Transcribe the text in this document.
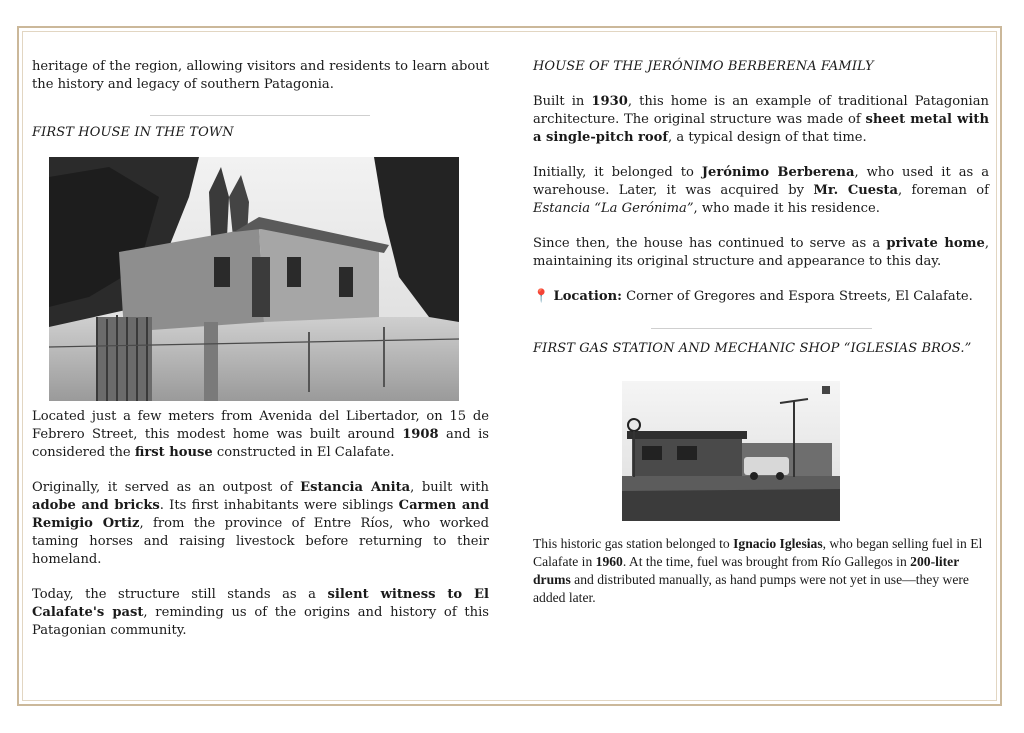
heritage of the region, allowing visitors and residents to learn about the history and legacy of southern Patagonia.

FIRST HOUSE IN THE TOWN

Located just a few meters from Avenida del Libertador, on 15 de Febrero Street, this modest home was built around 1908 and is considered the first house constructed in El Calafate.

Originally, it served as an outpost of Estancia Anita, built with adobe and bricks. Its first inhabitants were siblings Carmen and Remigio Ortiz, from the province of Entre Ríos, who worked taming horses and raising livestock before returning to their homeland.

Today, the structure still stands as a silent witness to El Calafate's past, reminding us of the origins and history of this Patagonian community.

HOUSE OF THE JERÓNIMO BERBERENA FAMILY

Built in 1930, this home is an example of traditional Patagonian architecture. The original structure was made of sheet metal with a single-pitch roof, a typical design of that time.

Initially, it belonged to Jerónimo Berberena, who used it as a warehouse. Later, it was acquired by Mr. Cuesta, foreman of Estancia “La Gerónima”, who made it his residence.

Since then, the house has continued to serve as a private home, maintaining its original structure and appearance to this day.

📍 Location: Corner of Gregores and Espora Streets, El Calafate.

FIRST GAS STATION AND MECHANIC SHOP “IGLESIAS BROS.”

This historic gas station belonged to Ignacio Iglesias, who began selling fuel in El Calafate in 1960. At the time, fuel was brought from Río Gallegos in 200-liter drums and distributed manually, as hand pumps were not yet in use—they were added later.
